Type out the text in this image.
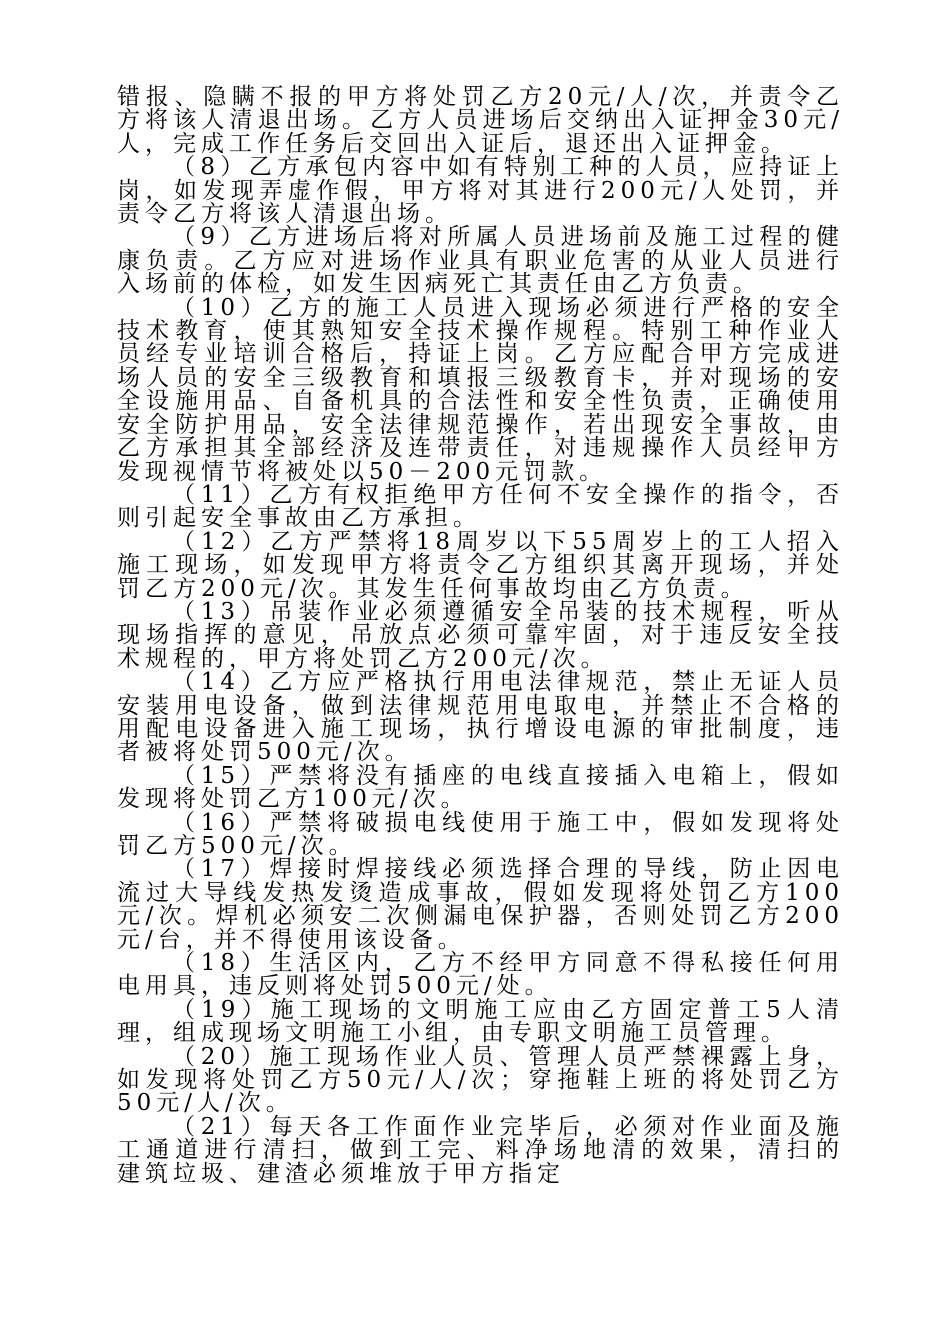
错报、隐瞒不报的甲方将处罚乙方20元/人/次，并责令乙方将该人清退出场。乙方人员进场后交纳出入证押金30元/人，完成工作任务后交回出入证后，退还出入证押金。

（8）乙方承包内容中如有特别工种的人员，应持证上岗，如发现弄虚作假，甲方将对其进行200元/人处罚，并责令乙方将该人清退出场。

（9）乙方进场后将对所属人员进场前及施工过程的健康负责。乙方应对进场作业具有职业危害的从业人员进行入场前的体检，如发生因病死亡其责任由乙方负责。

（10）乙方的施工人员进入现场必须进行严格的安全技术教育，使其熟知安全技术操作规程。特别工种作业人员经专业培训合格后，持证上岗。乙方应配合甲方完成进场人员的安全三级教育和填报三级教育卡，并对现场的安全设施用品、自备机具的合法性和安全性负责，正确使用安全防护用品，安全法律规范操作，若出现安全事故，由乙方承担其全部经济及连带责任，对违规操作人员经甲方发现视情节将被处以50－200元罚款。

（11）乙方有权拒绝甲方任何不安全操作的指令，否则引起安全事故由乙方承担。

（12）乙方严禁将18周岁以下55周岁上的工人招入施工现场，如发现甲方将责令乙方组织其离开现场，并处罚乙方200元/次。其发生任何事故均由乙方负责。

（13）吊装作业必须遵循安全吊装的技术规程，听从现场指挥的意见，吊放点必须可靠牢固，对于违反安全技术规程的，甲方将处罚乙方200元/次。

（14）乙方应严格执行用电法律规范，禁止无证人员安装用电设备，做到法律规范用电取电，并禁止不合格的用配电设备进入施工现场，执行增设电源的审批制度，违者被将处罚500元/次。

（15）严禁将没有插座的电线直接插入电箱上，假如发现将处罚乙方100元/次。

（16）严禁将破损电线使用于施工中，假如发现将处罚乙方500元/次。

（17）焊接时焊接线必须选择合理的导线，防止因电流过大导线发热发烫造成事故，假如发现将处罚乙方100元/次。焊机必须安二次侧漏电保护器，否则处罚乙方200元/台，并不得使用该设备。

（18）生活区内，乙方不经甲方同意不得私接任何用电用具，违反则将处罚500元/处。

（19）施工现场的文明施工应由乙方固定普工5人清理，组成现场文明施工小组，由专职文明施工员管理。

（20）施工现场作业人员、管理人员严禁裸露上身，如发现将处罚乙方50元/人/次；穿拖鞋上班的将处罚乙方50元/人/次。

（21）每天各工作面作业完毕后，必须对作业面及施工通道进行清扫，做到工完、料净场地清的效果，清扫的建筑垃圾、建渣必须堆放于甲方指定
